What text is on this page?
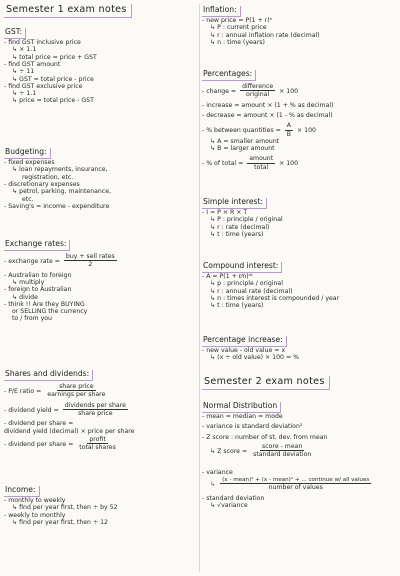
Semester 1 exam notes
GST:
- find GST inclusive price
↳ × 1.1
↳ total price = price + GST
- find GST amount
↳ ÷ 11
↳ GST = total price - price
- find GST exclusive price
↳ ÷ 1.1
↳ price = total price - GST
Budgeting:
- fixed expenses
↳ loan repayments, insurance,
registration, etc.
- discretionary expenses
↳ petrol, parking, maintenance,
etc.
- Saving's = income - expenditure
Exchange rates:
- exchange rate = $\frac{\text{buy + sell rates}}{2}$
- Australian to foreign
↳ multiply
- foreign to Australian
↳ divide
- think !! Are they BUYING
or SELLING the currency
to / from you
Shares and dividends:
- P/E ratio = $\frac{\text{share price}}{\text{earnings per share}}$
- dividend yield = $\frac{\text{dividends per share}}{\text{share price}}$
- dividend per share =
dividend yield (decimal) × price per share
- dividend per share = $\frac{\text{profit}}{\text{total shares}}$
Income:
- monthly to weekly
↳ find per year first, then ÷ by 52
- weekly to monthly
↳ find per year first, then ÷ 12
Inflation:
- new price = P(1 + r)ⁿ
↳ P : current price
↳ r : annual inflation rate (decimal)
↳ n : time (years)
Percentages:
- change = $\frac{\text{difference}}{\text{original}} \times 100$
- increase = amount × (1 + % as decimal)
- decrease = amount × (1 - % as decimal)
- % between quantities = $\frac{A}{B} \times 100$
↳ A = smaller amount
↳ B = larger amount
- % of total = $\frac{\text{amount}}{\text{total}} \times 100$
Simple interest:
- I = P × R × T
↳ P : principle / original
↳ r : rate (decimal)
↳ t : time (years)
Compound interest:
- A = P(1 + r⁄n)ⁿᵗ
↳ p : principle / original
↳ r : annual rate (decimal)
↳ n : times interest is compounded / year
↳ t : time (years)
Percentage increase:
- new value - old value = x
↳ (x ÷ old value) × 100 = %
Semester 2 exam notes
Normal Distribution
- mean = median = mode
- variance is standard deviation²
- Z score : number of st. dev. from mean
↳ Z score = $\frac{\text{score - mean}}{\text{standard deviation}}$
- variance
↳ $\frac{\text{(x - mean)² + (x - mean)² + ... continue w/ all values}}{\text{number of values}}$
- standard deviation
↳ √variance
